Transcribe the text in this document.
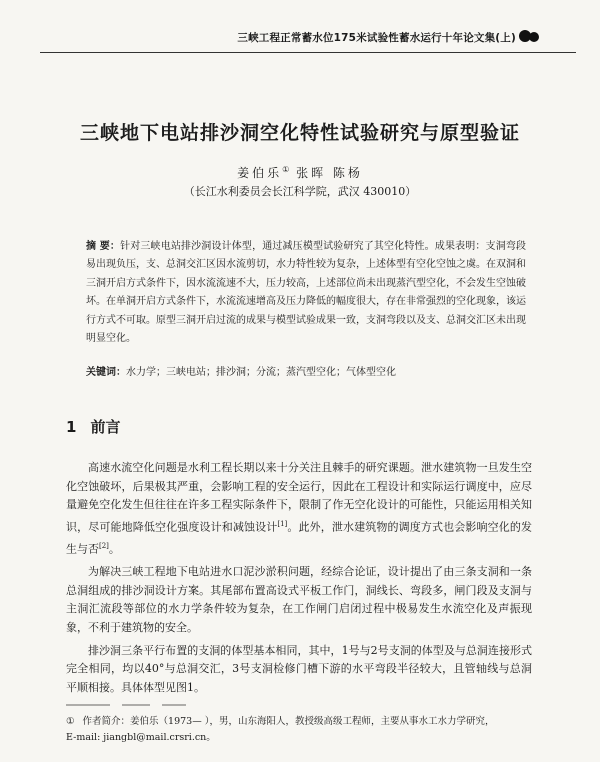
三峡工程正常蓄水位175米试验性蓄水运行十年论文集(上)
三峡地下电站排沙洞空化特性试验研究与原型验证
姜伯乐① 张晖 陈杨
（长江水利委员会长江科学院，武汉 430010）
摘 要：针对三峡电站排沙洞设计体型，通过减压模型试验研究了其空化特性。成果表明：支洞弯段易出现负压，支、总洞交汇区因水流剪切，水力特性较为复杂，上述体型有空化空蚀之虞。在双洞和三洞开启方式条件下，因水流流速不大，压力较高，上述部位尚未出现蒸汽型空化，不会发生空蚀破坏。在单洞开启方式条件下，水流流速增高及压力降低的幅度很大，存在非常强烈的空化现象，该运行方式不可取。原型三洞开启过流的成果与模型试验成果一致，支洞弯段以及支、总洞交汇区未出现明显空化。
关键词：水力学；三峡电站；排沙洞；分流；蒸汽型空化；气体型空化
1 前言

高速水流空化问题是水利工程长期以来十分关注且棘手的研究课题。泄水建筑物一旦发生空化空蚀破坏，后果极其严重，会影响工程的安全运行，因此在工程设计和实际运行调度中，应尽量避免空化发生但往往在许多工程实际条件下，限制了作无空化设计的可能性，只能运用相关知识，尽可能地降低空化强度设计和减蚀设计[1]。此外，泄水建筑物的调度方式也会影响空化的发生与否[2]。

为解决三峡工程地下电站进水口泥沙淤积问题，经综合论证，设计提出了由三条支洞和一条总洞组成的排沙洞设计方案。其尾部布置高设式平板工作门，洞线长、弯段多，闸门段及支洞与主洞汇流段等部位的水力学条件较为复杂，在工作闸门启闭过程中极易发生水流空化及声振现象，不利于建筑物的安全。

排沙洞三条平行布置的支洞的体型基本相同，其中，1号与2号支洞的体型及与总洞连接形式完全相同，均以40°与总洞交汇，3号支洞检修门槽下游的水平弯段半径较大，且管轴线与总洞平顺相接。具体体型见图1。

① 作者简介：姜伯乐（1973— ），男，山东海阳人，教授级高级工程师，主要从事水工水力学研究，
E-mail: jiangbl@mail.crsri.cn。
